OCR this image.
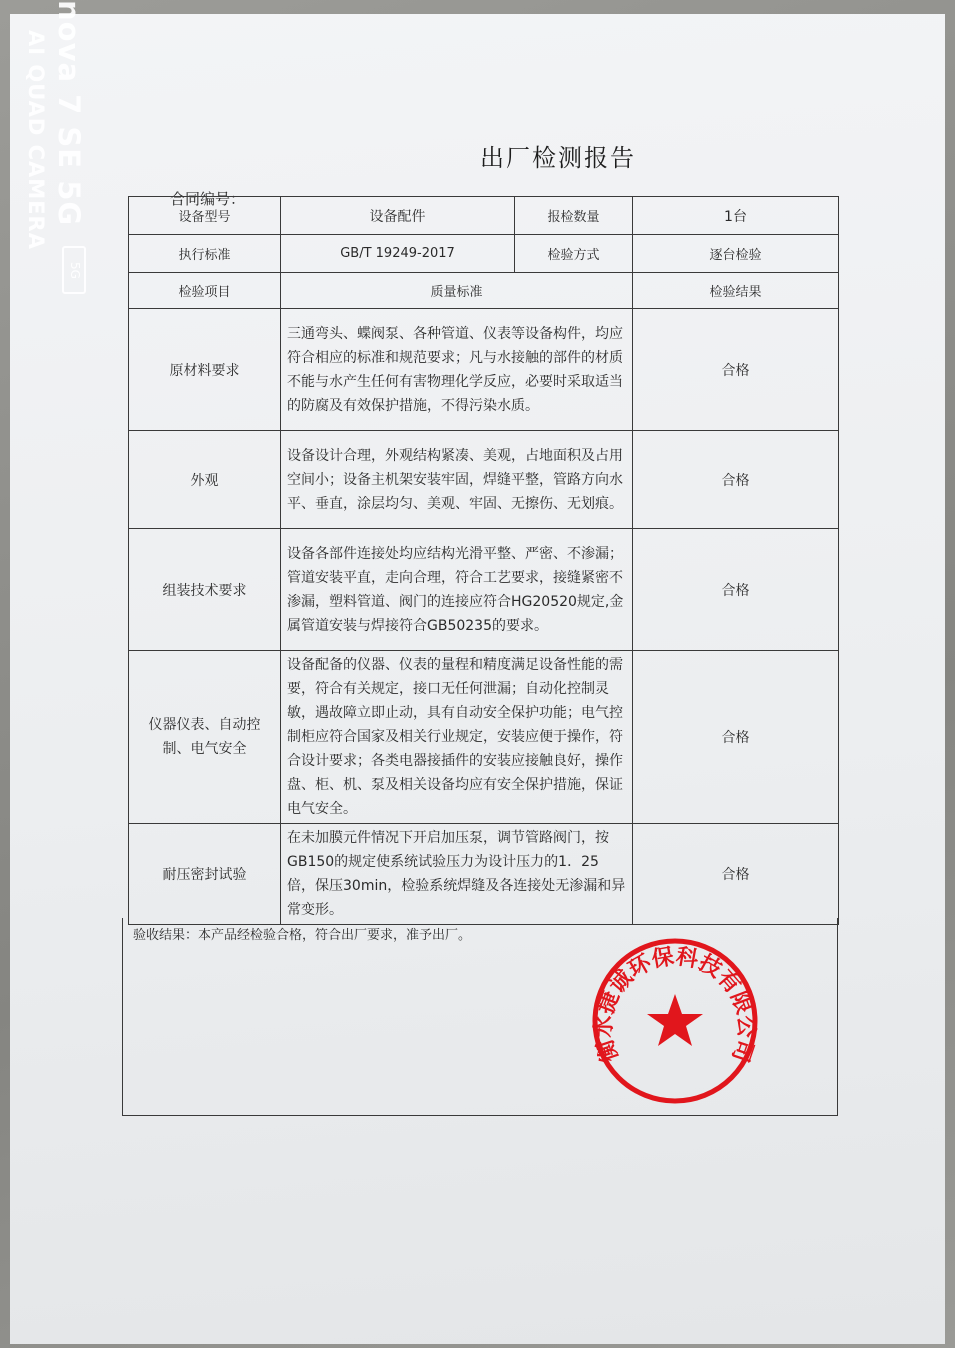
出厂检测报告
合同编号：
nova 7 SE 5G
AI QUAD CAMERA
5G
设备型号	设备配件	报检数量	1台
执行标准	GB/T 19249-2017	检验方式	逐台检验
检验项目	质量标准		检验结果
原材料要求	三通弯头、蝶阀泵、各种管道、仪表等设备构件，均应符合相应的标准和规范要求；凡与水接触的部件的材质不能与水产生任何有害物理化学反应，必要时采取适当的防腐及有效保护措施，不得污染水质。		合格
外观	设备设计合理，外观结构紧凑、美观，占地面积及占用空间小；设备主机架安装牢固，焊缝平整，管路方向水平、垂直，涂层均匀、美观、牢固、无擦伤、无划痕。		合格
组装技术要求	设备各部件连接处均应结构光滑平整、严密、不渗漏；管道安装平直，走向合理，符合工艺要求，接缝紧密不渗漏，塑料管道、阀门的连接应符合HG20520规定,金属管道安装与焊接符合GB50235的要求。		合格
仪器仪表、自动控制、电气安全	设备配备的仪器、仪表的量程和精度满足设备性能的需要，符合有关规定，接口无任何泄漏；自动化控制灵敏，遇故障立即止动，具有自动安全保护功能；电气控制柜应符合国家及相关行业规定，安装应便于操作，符合设计要求；各类电器接插件的安装应接触良好，操作盘、柜、机、泵及相关设备均应有安全保护措施，保证电气安全。		合格
耐压密封试验	在未加膜元件情况下开启加压泵，调节管路阀门，按GB150的规定使系统试验压力为设计压力的1．25倍，保压30min，检验系统焊缝及各连接处无渗漏和异常变形。		合格
验收结果：本产品经检验合格，符合出厂要求，准予出厂。
衡水捷诚环保科技有限公司
